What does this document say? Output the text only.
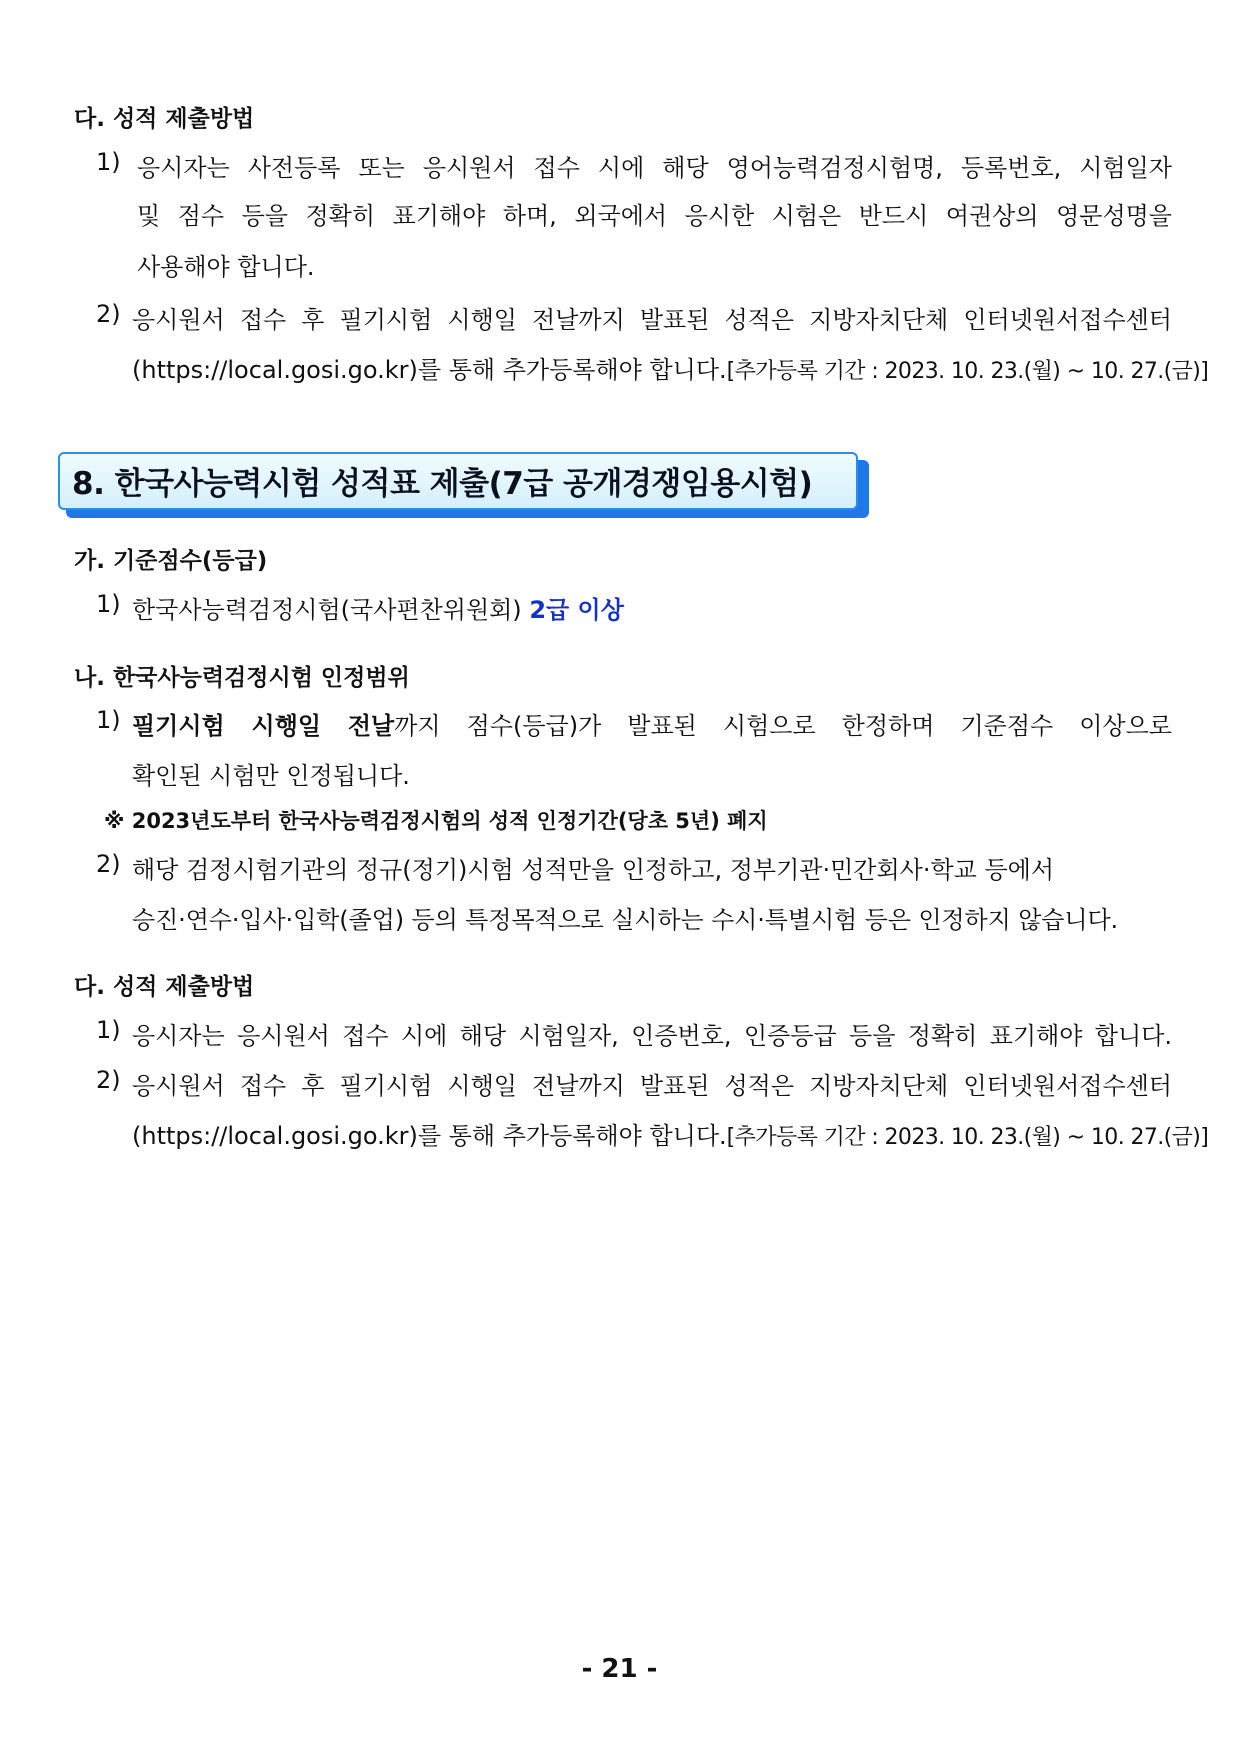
다. 성적 제출방법
1) 응시자는 사전등록 또는 응시원서 접수 시에 해당 영어능력검정시험명, 등록번호, 시험일자
및 점수 등을 정확히 표기해야 하며, 외국에서 응시한 시험은 반드시 여권상의 영문성명을
사용해야 합니다.
2) 응시원서 접수 후 필기시험 시행일 전날까지 발표된 성적은 지방자치단체 인터넷원서접수센터
(https://local.gosi.go.kr)를 통해 추가등록해야 합니다.[추가등록 기간 : 2023. 10. 23.(월) ~ 10. 27.(금)]
8. 한국사능력시험 성적표 제출(7급 공개경쟁임용시험)
가. 기준점수(등급)
1) 한국사능력검정시험(국사편찬위원회) 2급 이상
나. 한국사능력검정시험 인정범위
1) 필기시험 시행일 전날까지 점수(등급)가 발표된 시험으로 한정하며 기준점수 이상으로
확인된 시험만 인정됩니다.
※ 2023년도부터 한국사능력검정시험의 성적 인정기간(당초 5년) 폐지
2) 해당 검정시험기관의 정규(정기)시험 성적만을 인정하고, 정부기관·민간회사·학교 등에서
승진·연수·입사·입학(졸업) 등의 특정목적으로 실시하는 수시·특별시험 등은 인정하지 않습니다.
다. 성적 제출방법
1) 응시자는 응시원서 접수 시에 해당 시험일자, 인증번호, 인증등급 등을 정확히 표기해야 합니다.
2) 응시원서 접수 후 필기시험 시행일 전날까지 발표된 성적은 지방자치단체 인터넷원서접수센터
(https://local.gosi.go.kr)를 통해 추가등록해야 합니다.[추가등록 기간 : 2023. 10. 23.(월) ~ 10. 27.(금)]
- 21 -
